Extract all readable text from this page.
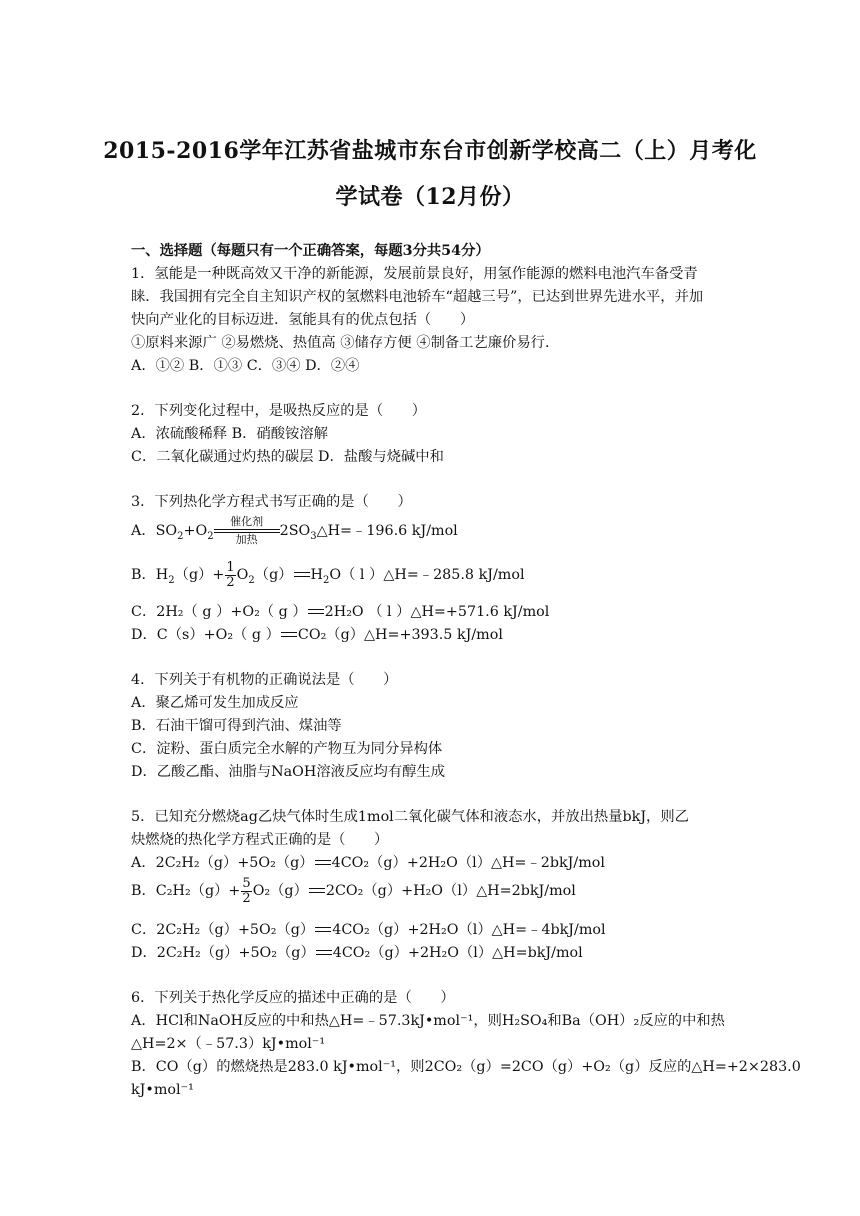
2015-2016学年江苏省盐城市东台市创新学校高二（上）月考化
学试卷（12月份）
一、选择题（每题只有一个正确答案，每题3分共54分）
1．氢能是一种既高效又干净的新能源，发展前景良好，用氢作能源的燃料电池汽车备受青
睐．我国拥有完全自主知识产权的氢燃料电池轿车“超越三号”，已达到世界先进水平，并加
快向产业化的目标迈进．氢能具有的优点包括（　　）
①原料来源广 ②易燃烧、热值高 ③储存方便 ④制备工艺廉价易行．
A．①② B．①③ C．③④ D．②④
2．下列变化过程中，是吸热反应的是（　　）
A．浓硫酸稀释 B．硝酸铵溶解
C．二氧化碳通过灼热的碳层 D．盐酸与烧碱中和
3．下列热化学方程式书写正确的是（　　）
A．$SO_2+O_2$
催化剂
加热
$2SO_3\triangle H=﹣196.6$ kJ/mol
B．$H_2(g)+ \frac{1}{2} O_2(g)$ $H_2O$（ l ）△H=﹣285.8 kJ/mol
C．2H₂（ g ）+O₂（ g ） 2H₂O （ l ）△H=+571.6 kJ/mol
D．C（s）+O₂（ g ） CO₂（g）△H=+393.5 kJ/mol
4．下列关于有机物的正确说法是（　　）
A．聚乙烯可发生加成反应
B．石油干馏可得到汽油、煤油等
C．淀粉、蛋白质完全水解的产物互为同分异构体
D．乙酸乙酯、油脂与NaOH溶液反应均有醇生成
5．已知充分燃烧ag乙炔气体时生成1mol二氧化碳气体和液态水，并放出热量bkJ，则乙
炔燃烧的热化学方程式正确的是（　　）
A．2C₂H₂（g）+5O₂（g） 4CO₂（g）+2H₂O（l）△H=﹣2bkJ/mol
B．$C_2H_2(g)+ \frac{5}{2} O_2(g)$ 2CO₂（g）+H₂O（l）△H=2bkJ/mol
C．2C₂H₂（g）+5O₂（g） 4CO₂（g）+2H₂O（l）△H=﹣4bkJ/mol
D．2C₂H₂（g）+5O₂（g） 4CO₂（g）+2H₂O（l）△H=bkJ/mol
6．下列关于热化学反应的描述中正确的是（　　）
A．HCl和NaOH反应的中和热△H=﹣57.3kJ•mol⁻¹，则H₂SO₄和Ba（OH）₂反应的中和热
△H=2×（﹣57.3）kJ•mol⁻¹
B．CO（g）的燃烧热是283.0 kJ•mol⁻¹，则2CO₂（g）=2CO（g）+O₂（g）反应的△H=+2×283.0
kJ•mol⁻¹
